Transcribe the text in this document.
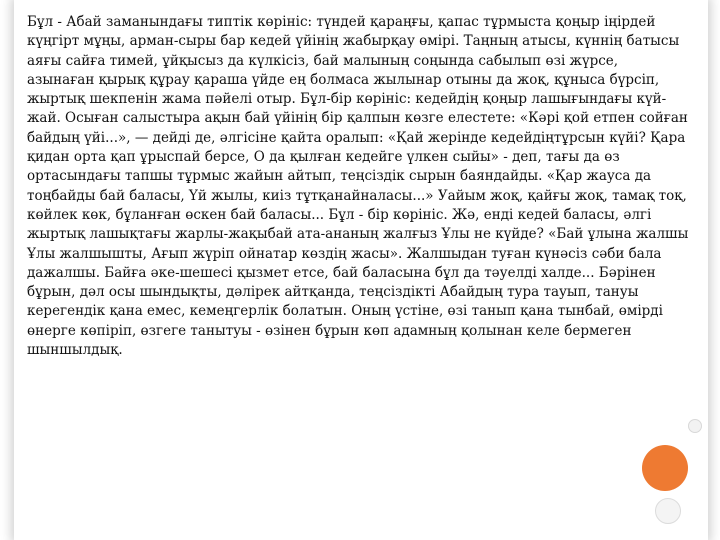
Бұл - Абай заманындағы типтік көрініс: түндей қараңғы, қапас тұрмыста қоңыр іңірдей күңгірт мұңы, арман-сыры бар кедей үйінің жабырқау өмірі. Таңның атысы, күннің батысы аяғы сайға тимей, ұйқысыз да күлкісіз, бай малының соңында сабылып өзі жүрсе, азынаған қырық құрау қараша үйде ең болмаса жылынар отыны да жоқ, құныса бүрсіп, жыртық шекпенін жама пәйелі отыр. Бұл-бір көрініс: кедейдің қоңыр лашығындағы күй-жай. Осыған салыстыра ақын бай үйінің бір қалпын көзге елестете: «Кәрі қой етпен сойған байдың үйі...», — дейді де, әлгісіне қайта оралып: «Қай жерінде кедейдіңтұрсын күйі? Қара қидан орта қап ұрыспай берсе, О да қылған кедейге үлкен сыйы» - деп, тағы да өз ортасындағы тапшы тұрмыс жайын айтып, теңсіздік сырын баяндайды. «Қар жауса да тоңбайды бай баласы, Үй жылы, киіз тұтқанайналасы...» Уайым жоқ, қайғы жоқ, тамақ тоқ, көйлек көк, бұланған өскен бай баласы... Бұл - бір көрініс. Жә, енді кедей баласы, әлгі жыртық лашықтағы жарлы-жақыбай ата-ананың жалғыз Ұлы не күйде? «Бай ұлына жалшы Ұлы жалшышты, Ағып жүріп ойнатар көздің жасы». Жалшыдан туған күнәсіз сәби бала дажалшы. Байға әке-шешесі қызмет етсе, бай баласына бұл да тәуелді халде... Бәрінен бұрын, дәл осы шындықты, дәлірек айтқанда, теңсіздікті Абайдың тура тауып, тануы керегендік қана емес, кемеңгерлік болатын. Оның үстіне, өзі танып қана тынбай, өмірді өнерге көпіріп, өзгеге танытуы - өзінен бұрын көп адамның қолынан келе бермеген шыншылдық.
